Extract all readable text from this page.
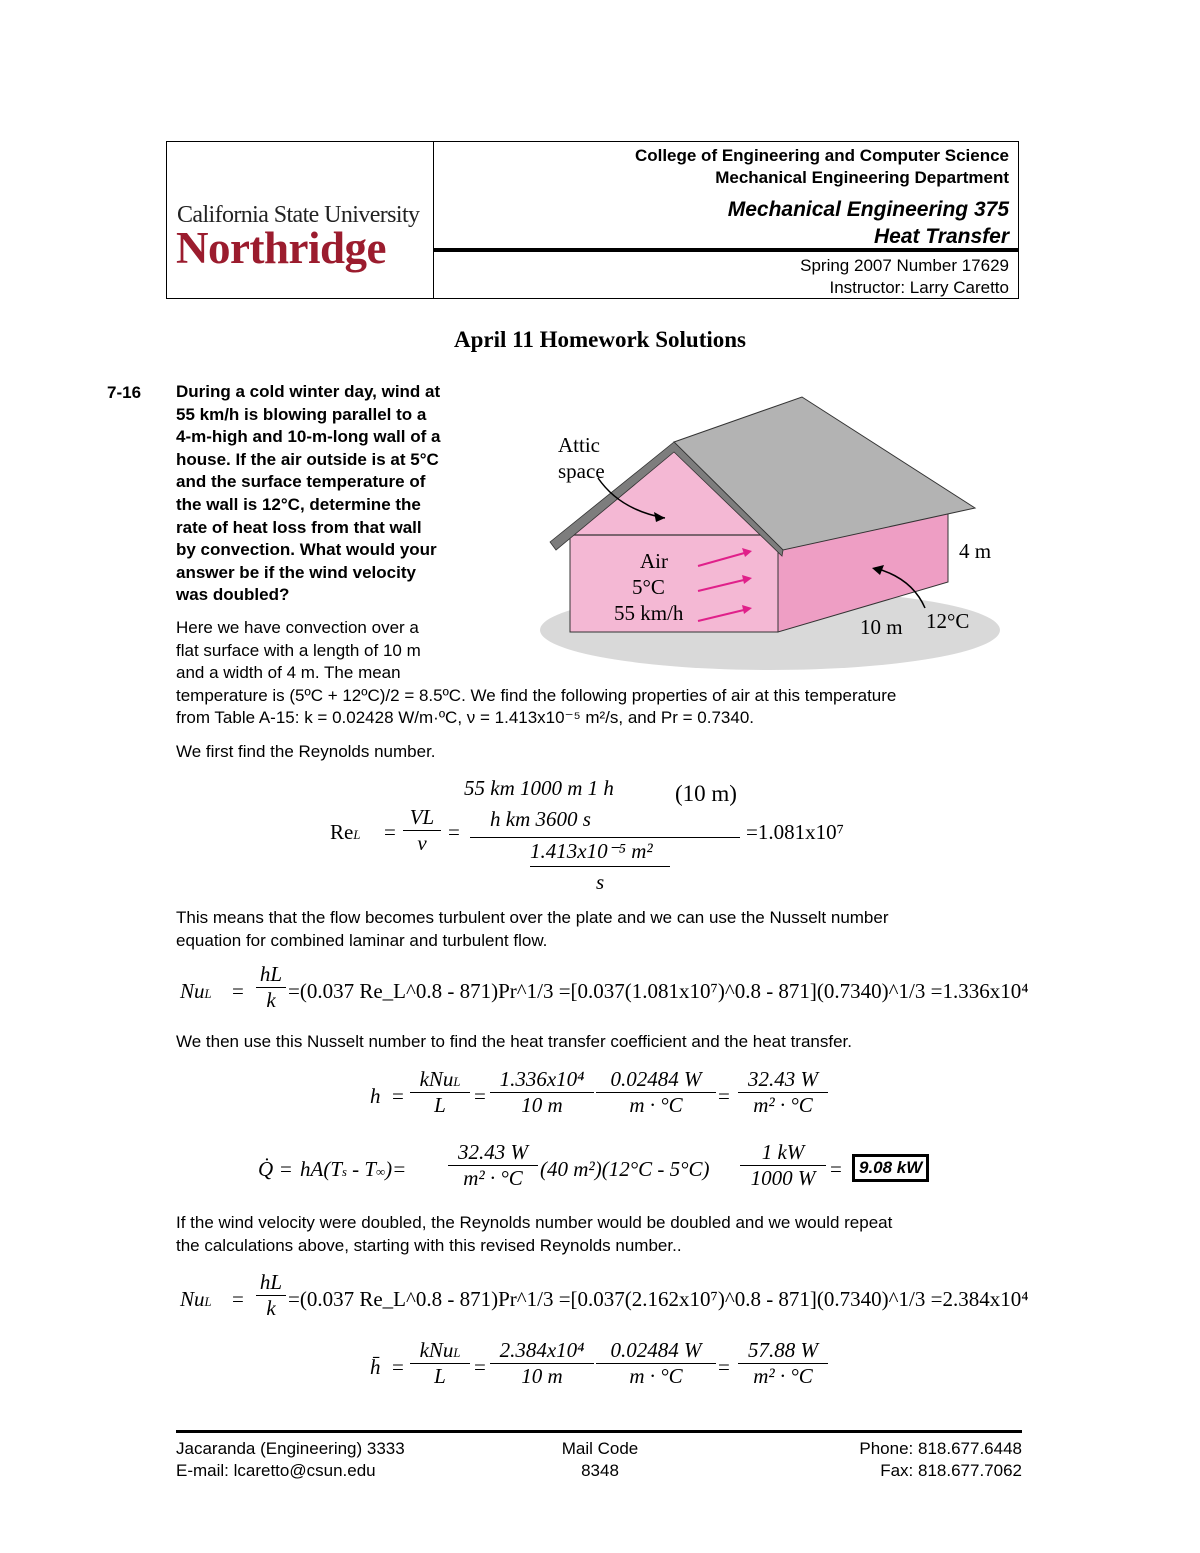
California State University
Northridge
College of Engineering and Computer Science
Mechanical Engineering Department
Mechanical Engineering 375
Heat Transfer
Spring 2007 Number 17629
Instructor: Larry Caretto
April 11 Homework Solutions
7-16 During a cold winter day, wind at
55 km/h is blowing parallel to a
4-m-high and 10-m-long wall of a
house. If the air outside is at 5°C
and the surface temperature of
the wall is 12°C, determine the
rate of heat loss from that wall
by convection. What would your
answer be if the wind velocity
was doubled?
Attic
space
Air
5°C
55 km/h
4 m
10 m 12°C
Here we have convection over a
flat surface with a length of 10 m
and a width of 4 m. The mean
temperature is (5ºC + 12ºC)/2 = 8.5ºC. We find the following properties of air at this temperature
from Table A-15: k = 0.02428 W/m·ºC, ν = 1.413x10⁻⁵ m²/s, and Pr = 0.7340.
We first find the Reynolds number.
ReL =
VL
ν	=
55 km 1000 m 1 h	(10 m)
h km 3600 s
1.413x10⁻⁵ m²
s
=1.081x10⁷
This means that the flow becomes turbulent over the plate and we can use the Nusselt number
equation for combined laminar and turbulent flow.
NuL =
hL
k =(0.037 Re_L^0.8 - 871)Pr^1/3 =[0.037(1.081x10⁷)^0.8 - 871](0.7340)^1/3 =1.336x10⁴
We then use this Nusselt number to find the heat transfer coefficient and the heat transfer.
h =
kNuL
L	=
1.336x10⁴
10 m
0.02484 W
m · °C	=
32.43 W
m² · °C
Q̇ = hA(Ts - T∞)=
32.43 W
m² · °C (40 m²)(12°C - 5°C)
1 kW
1000 W =	9.08 kW
If the wind velocity were doubled, the Reynolds number would be doubled and we would repeat
the calculations above, starting with this revised Reynolds number..
NuL =
hL
k =(0.037 Re_L^0.8 - 871)Pr^1/3 =[0.037(2.162x10⁷)^0.8 - 871](0.7340)^1/3 =2.384x10⁴
h̄ =
kNuL
L	=
2.384x10⁴
10 m
0.02484 W
m · °C	=
57.88 W
m² · °C
Jacaranda (Engineering) 3333
E-mail: lcaretto@csun.edu
Mail Code
8348
Phone: 818.677.6448
Fax: 818.677.7062
